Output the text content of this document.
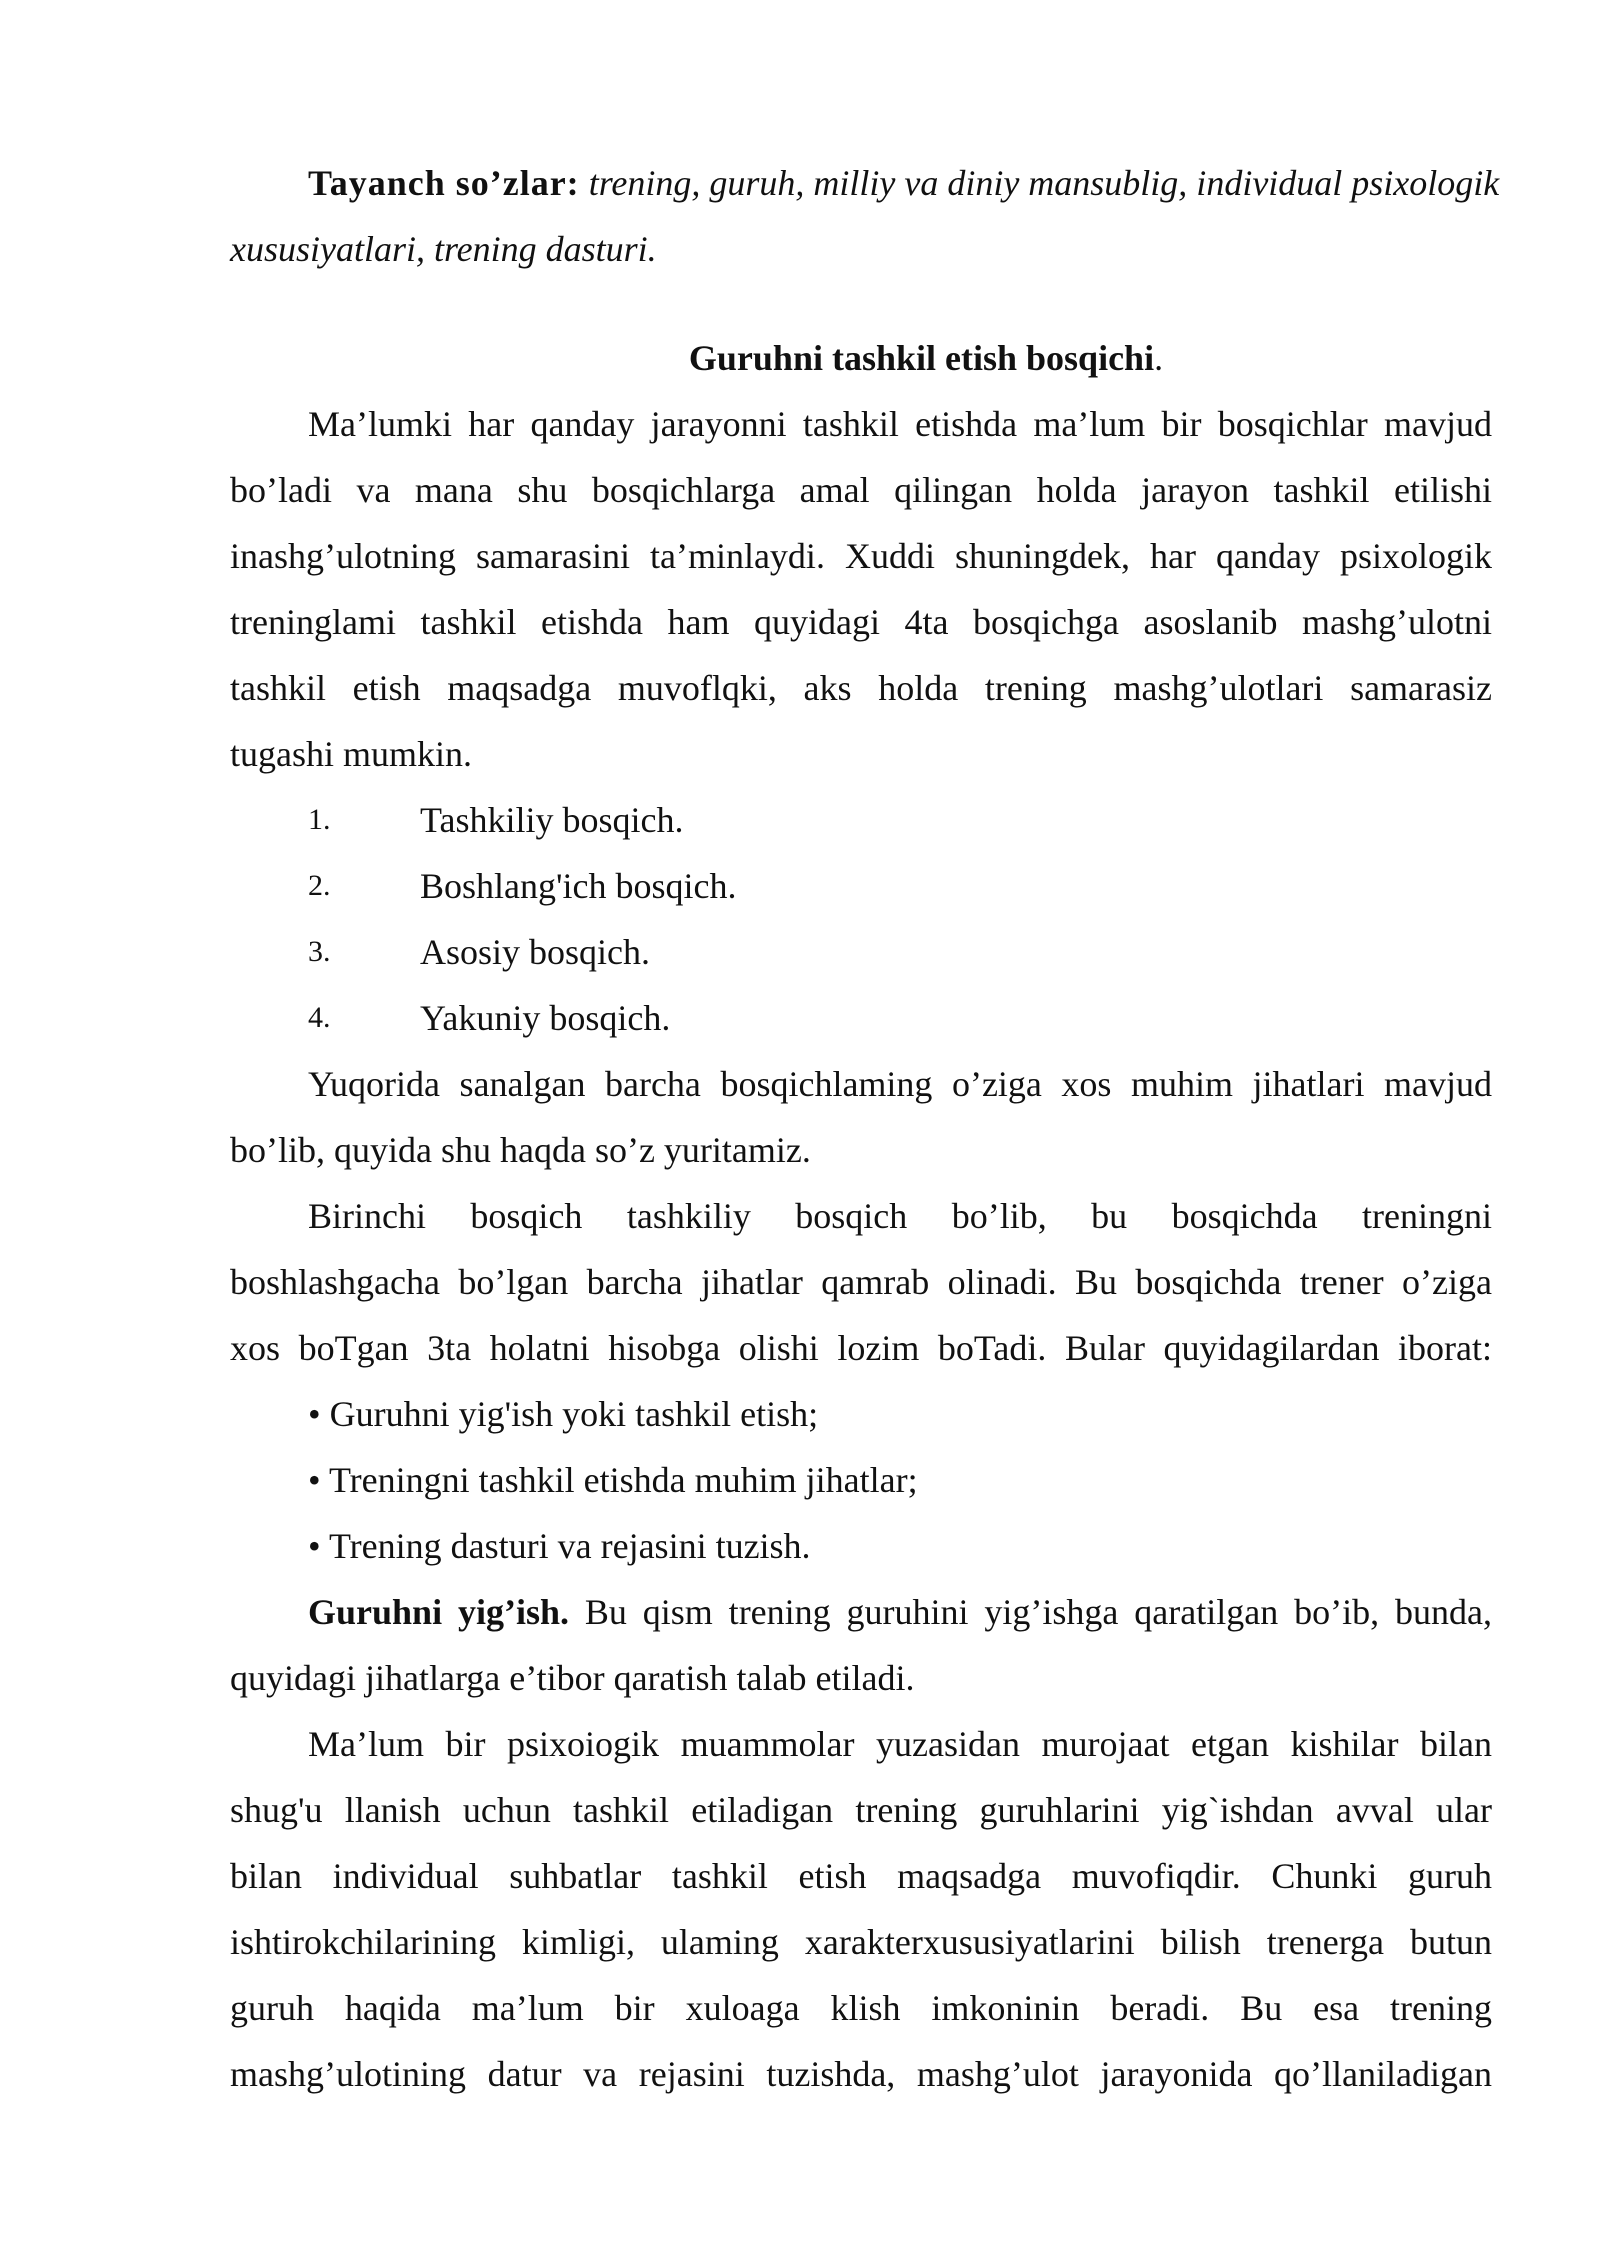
Tayanch so’zlar: trening, guruh, milliy va diniy mansublig, individual psixologik
xususiyatlari, trening dasturi.
Guruhni tashkil etish bosqichi.
Ma’lumki har qanday jarayonni tashkil etishda ma’lum bir bosqichlar mavjud
bo’ladi va mana shu bosqichlarga amal qilingan holda jarayon tashkil etilishi
inashg’ulotning samarasini ta’minlaydi. Xuddi shuningdek, har qanday psixologik
treninglami tashkil etishda ham quyidagi 4ta bosqichga asoslanib mashg’ulotni
tashkil etish maqsadga muvoflqki, aks holda trening mashg’ulotlari samarasiz
tugashi mumkin.
1. Tashkiliy bosqich.
2. Boshlang'ich bosqich.
3. Asosiy bosqich.
4. Yakuniy bosqich.
Yuqorida sanalgan barcha bosqichlaming o’ziga xos muhim jihatlari mavjud
bo’lib, quyida shu haqda so’z yuritamiz.
Birinchi bosqich tashkiliy bosqich bo’lib, bu bosqichda treningni
boshlashgacha bo’lgan barcha jihatlar qamrab olinadi. Bu bosqichda trener o’ziga
xos boTgan 3ta holatni hisobga olishi lozim boTadi. Bular quyidagilardan iborat:
• Guruhni yig'ish yoki tashkil etish;
• Treningni tashkil etishda muhim jihatlar;
• Trening dasturi va rejasini tuzish.
Guruhni yig’ish. Bu qism trening guruhini yig’ishga qaratilgan bo’ib, bunda,
quyidagi jihatlarga e’tibor qaratish talab etiladi.
Ma’lum bir psixoiogik muammolar yuzasidan murojaat etgan kishilar bilan
shug'u llanish uchun tashkil etiladigan trening guruhlarini yig`ishdan avval ular
bilan individual suhbatlar tashkil etish maqsadga muvofiqdir. Chunki guruh
ishtirokchilarining kimligi, ulaming xarakterxususiyatlarini bilish trenerga butun
guruh haqida ma’lum bir xuloaga klish imkoninin beradi. Bu esa trening
mashg’ulotining datur va rejasini tuzishda, mashg’ulot jarayonida qo’llaniladigan
